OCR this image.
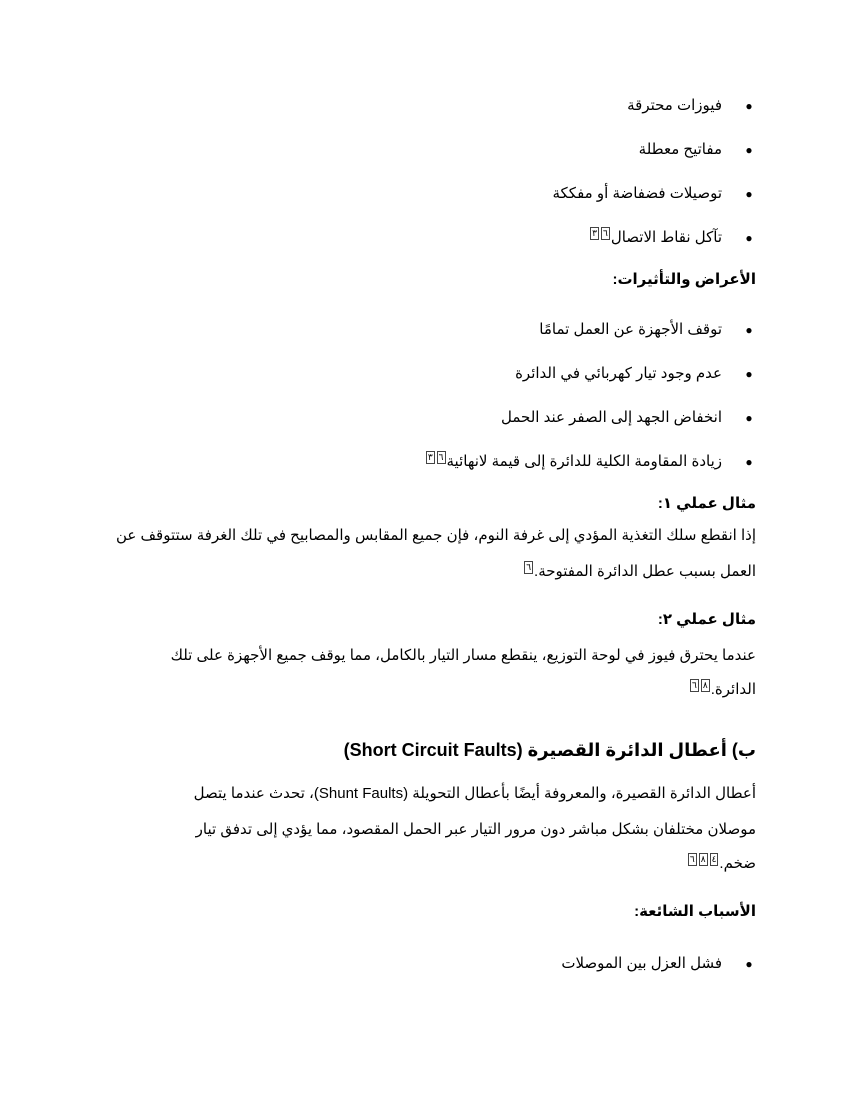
●
فيوزات محترقة
●
مفاتيح معطلة
●
توصيلات فضفاضة أو مفككة
●
تآكل نقاط الاتصال٦٣
الأعراض والتأثيرات:
●
توقف الأجهزة عن العمل تمامًا
●
عدم وجود تيار كهربائي في الدائرة
●
انخفاض الجهد إلى الصفر عند الحمل
●
زيادة المقاومة الكلية للدائرة إلى قيمة لانهائية٦٣
مثال عملي ١:
إذا انقطع سلك التغذية المؤدي إلى غرفة النوم، فإن جميع المقابس والمصابيح في تلك الغرفة ستتوقف عن
العمل بسبب عطل الدائرة المفتوحة.٦
مثال عملي ٢:
عندما يحترق فيوز في لوحة التوزيع، ينقطع مسار التيار بالكامل، مما يوقف جميع الأجهزة على تلك
الدائرة.٨٦
ب) أعطال الدائرة القصيرة (Short Circuit Faults)
أعطال الدائرة القصيرة، والمعروفة أيضًا بأعطال التحويلة (Shunt Faults)، تحدث عندما يتصل
موصلان مختلفان بشكل مباشر دون مرور التيار عبر الحمل المقصود، مما يؤدي إلى تدفق تيار
ضخم.٤٨٦
الأسباب الشائعة:
●
فشل العزل بين الموصلات
